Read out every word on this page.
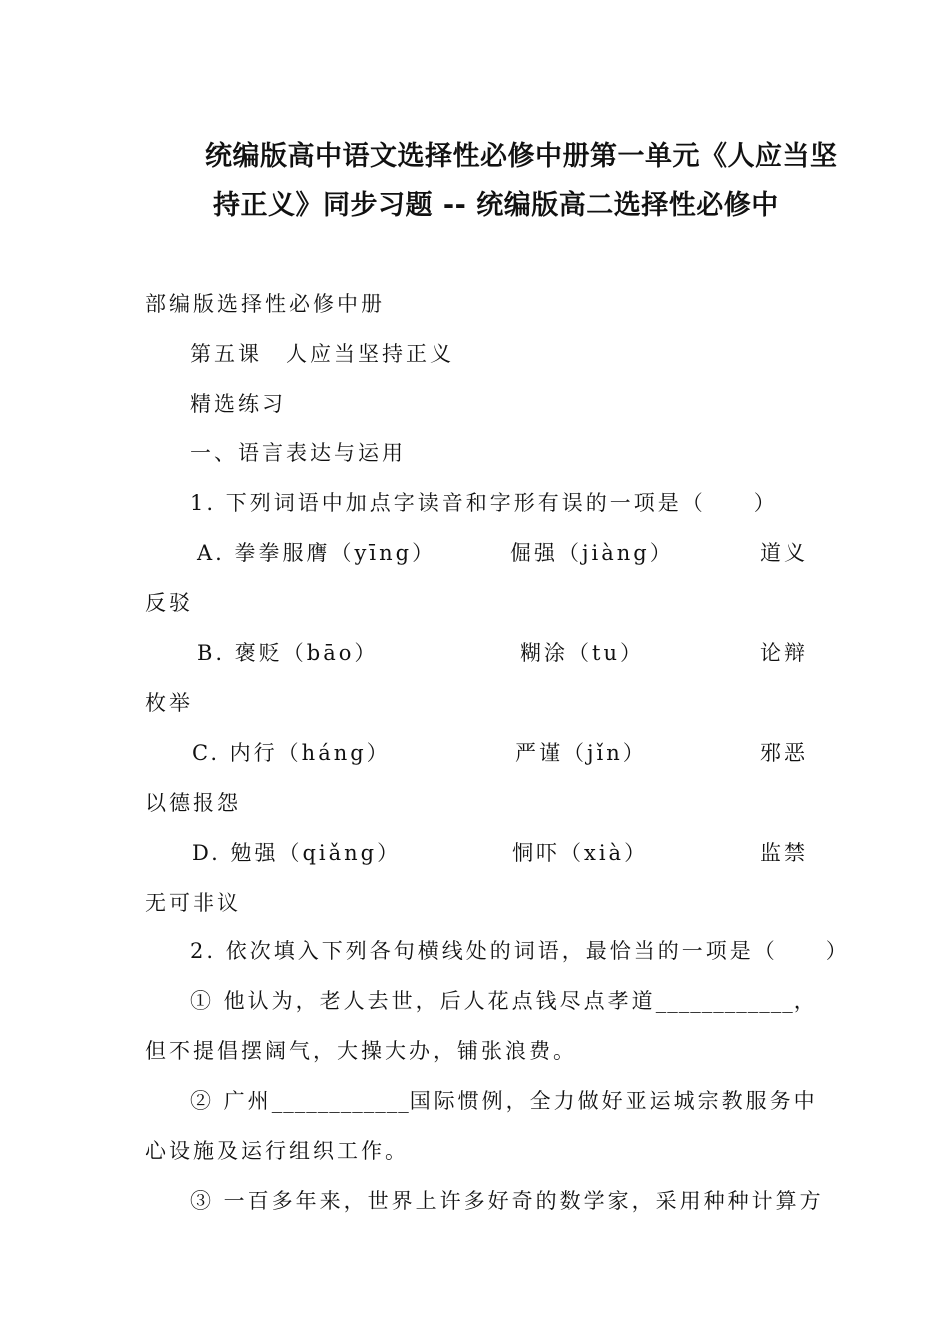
统编版高中语文选择性必修中册第一单元《人应当坚
持正义》同步习题 -- 统编版高二选择性必修中
部编版选择性必修中册
第五课　人应当坚持正义
精选练习
一、语言表达与运用
1. 下列词语中加点字读音和字形有误的一项是（　　）
A. 拳拳服膺（yīng）	倔强（jiàng）	道义
反驳
B. 褒贬（bāo）	糊涂（tu）	论辩
枚举
C. 内行（háng）	严谨（jǐn）	邪恶
以德报怨
D. 勉强（qiǎng）	恫吓（xià）	监禁
无可非议
2. 依次填入下列各句横线处的词语，最恰当的一项是（　　）
① 他认为，老人去世，后人花点钱尽点孝道____________，
但不提倡摆阔气，大操大办，铺张浪费。
② 广州____________国际惯例，全力做好亚运城宗教服务中
心设施及运行组织工作。
③ 一百多年来，世界上许多好奇的数学家，采用种种计算方
